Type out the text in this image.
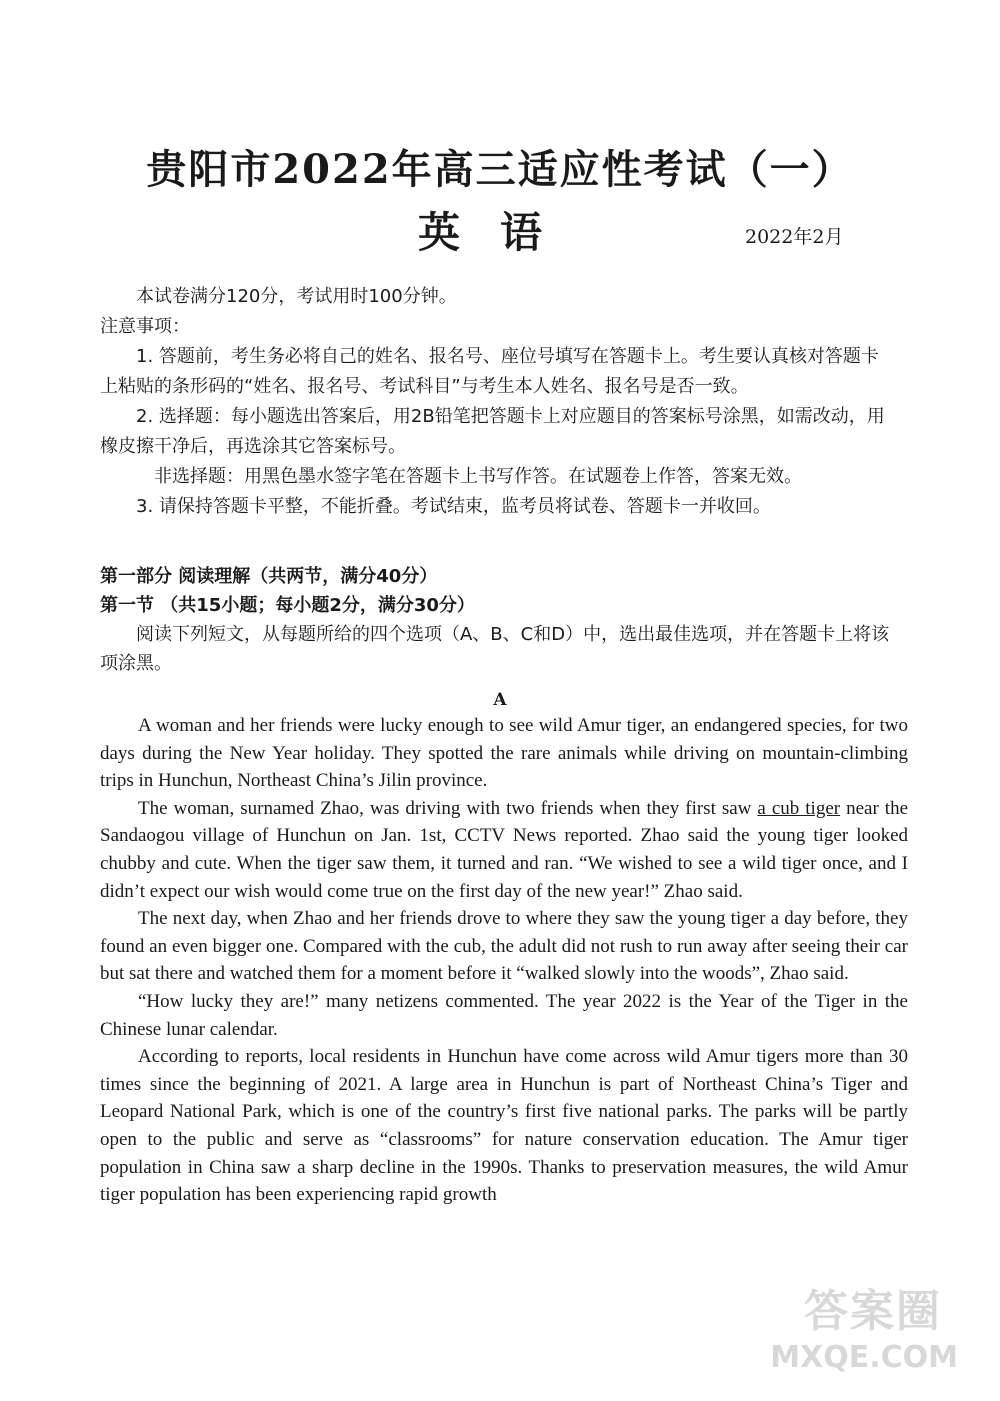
贵阳市2022年高三适应性考试（一）
英语	2022年2月

本试卷满分120分，考试用时100分钟。

注意事项：

1. 答题前，考生务必将自己的姓名、报名号、座位号填写在答题卡上。考生要认真核对答题卡上粘贴的条形码的“姓名、报名号、考试科目”与考生本人姓名、报名号是否一致。

2. 选择题：每小题选出答案后，用2B铅笔把答题卡上对应题目的答案标号涂黑，如需改动，用橡皮擦干净后，再选涂其它答案标号。

非选择题：用黑色墨水签字笔在答题卡上书写作答。在试题卷上作答，答案无效。

3. 请保持答题卡平整，不能折叠。考试结束，监考员将试卷、答题卡一并收回。

第一部分 阅读理解（共两节，满分40分）

第一节 （共15小题；每小题2分，满分30分）

阅读下列短文，从每题所给的四个选项（A、B、C和D）中，选出最佳选项，并在答题卡上将该项涂黑。

A

A woman and her friends were lucky enough to see wild Amur tiger, an endangered species, for two days during the New Year holiday. They spotted the rare animals while driving on mountain-climbing trips in Hunchun, Northeast China’s Jilin province.

The woman, surnamed Zhao, was driving with two friends when they first saw a cub tiger near the Sandaogou village of Hunchun on Jan. 1st, CCTV News reported. Zhao said the young tiger looked chubby and cute. When the tiger saw them, it turned and ran. “We wished to see a wild tiger once, and I didn’t expect our wish would come true on the first day of the new year!” Zhao said.

The next day, when Zhao and her friends drove to where they saw the young tiger a day before, they found an even bigger one. Compared with the cub, the adult did not rush to run away after seeing their car but sat there and watched them for a moment before it “walked slowly into the woods”, Zhao said.

“How lucky they are!” many netizens commented. The year 2022 is the Year of the Tiger in the Chinese lunar calendar.

According to reports, local residents in Hunchun have come across wild Amur tigers more than 30 times since the beginning of 2021. A large area in Hunchun is part of Northeast China’s Tiger and Leopard National Park, which is one of the country’s first five national parks. The parks will be partly open to the public and serve as “classrooms” for nature conservation education. The Amur tiger population in China saw a sharp decline in the 1990s. Thanks to preservation measures, the wild Amur tiger population has been experiencing rapid growth

答案圈
MXQE.COM
